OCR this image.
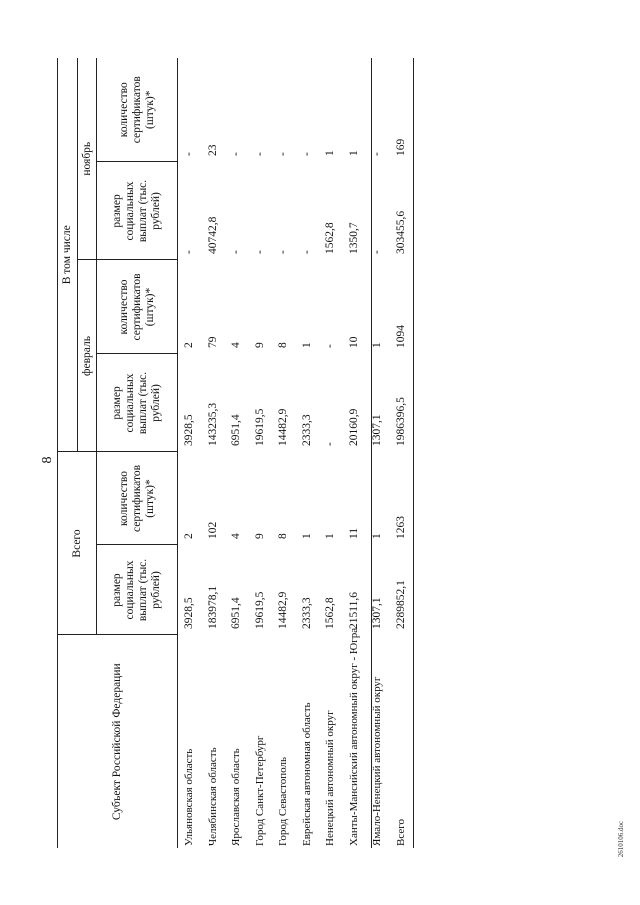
8
2610106.doc
Субъект Российской Федерации	Всего		В том числе			
			февраль		ноябрь	
	размер социальных выплат (тыс. рублей)	количество сертификатов (штук)*	размер социальных выплат (тыс. рублей)	количество сертификатов (штук)*	размер социальных выплат (тыс. рублей)	количество сертификатов (штук)*
Ульяновская область	3928,5	2	3928,5	2	-	-
Челябинская область	183978,1	102	143235,3	79	40742,8	23
Ярославская область	6951,4	4	6951,4	4	-	-
Город Санкт-Петербург	19619,5	9	19619,5	9	-	-
Город Севастополь	14482,9	8	14482,9	8	-	-
Еврейская автономная область	2333,3	1	2333,3	1	-	-
Ненецкий автономный округ	1562,8	1	-	-	1562,8	1
Ханты-Мансийский автономный округ - Югра	21511,6	11	20160,9	10	1350,7	1
Ямало-Ненецкий автономный округ	1307,1	1	1307,1	1	-	-
Всего	2289852,1	1263	1986396,5	1094	303455,6	169
